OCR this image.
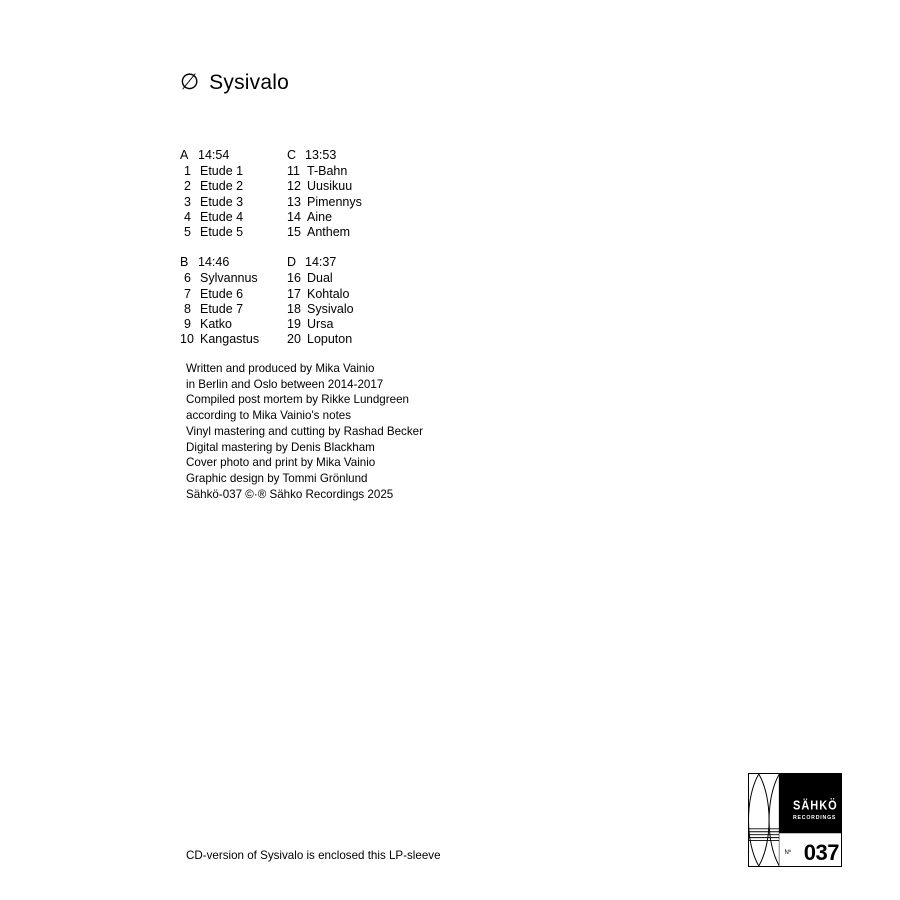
∅ Sysivalo
A 14:54
1 Etude 1
2 Etude 2
3 Etude 3
4 Etude 4
5 Etude 5
B 14:46
6 Sylvannus
7 Etude 6
8 Etude 7
9 Katko
10 Kangastus
C 13:53
11 T-Bahn
12 Uusikuu
13 Pimennys
14 Aine
15 Anthem
D 14:37
16 Dual
17 Kohtalo
18 Sysivalo
19 Ursa
20 Loputon
Written and produced by Mika Vainio
in Berlin and Oslo between 2014-2017
Compiled post mortem by Rikke Lundgreen
according to Mika Vainio's notes
Vinyl mastering and cutting by Rashad Becker
Digital mastering by Denis Blackham
Cover photo and print by Mika Vainio
Graphic design by Tommi Grönlund
Sähkö-037 ©·® Sähko Recordings 2025
CD-version of Sysivalo is enclosed this LP-sleeve
SÄHKÖ
RECORDINGS
Nº 037
